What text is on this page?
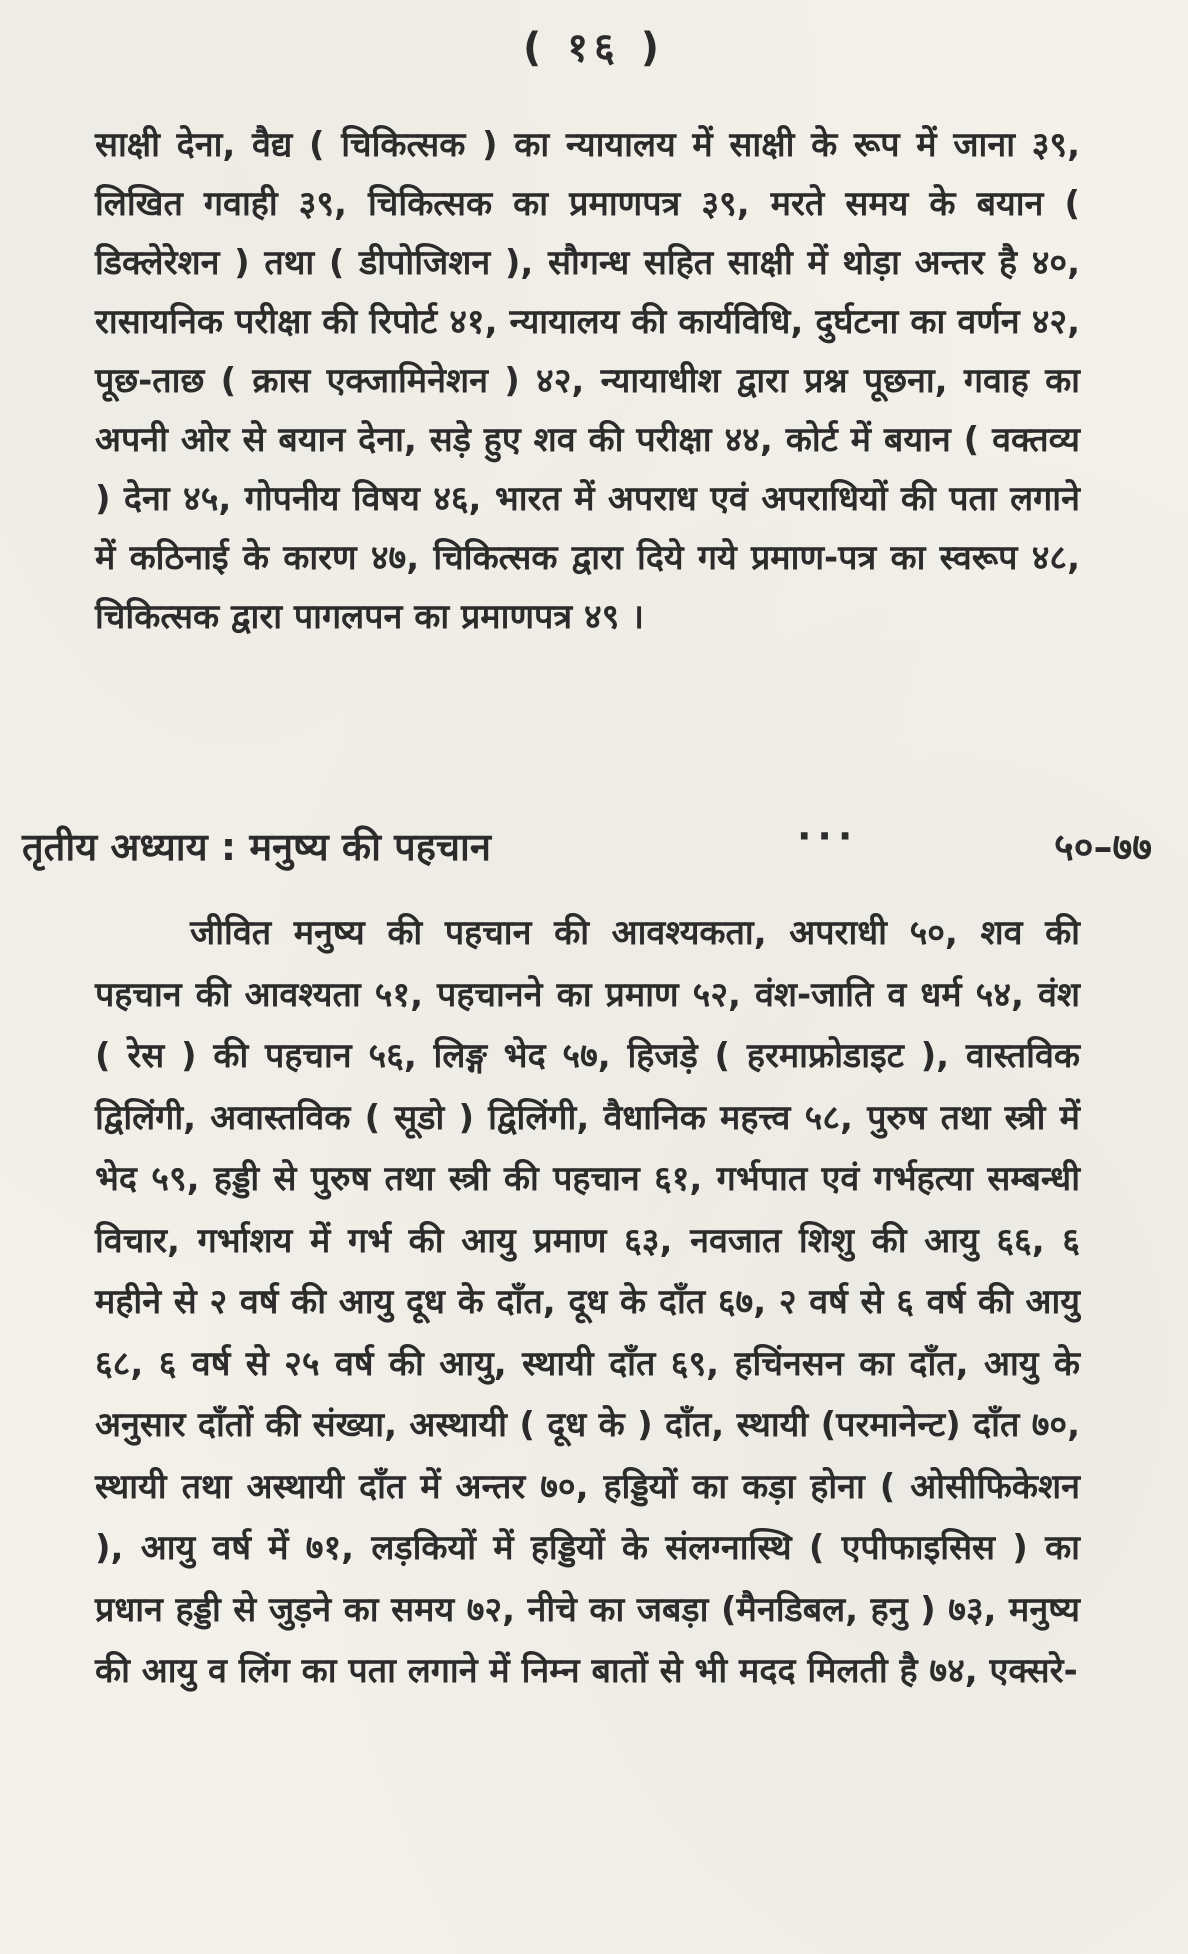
( १६ )
साक्षी देना, वैद्य ( चिकित्सक ) का न्यायालय में साक्षी के रूप में जाना ३९, लिखित गवाही ३९, चिकित्सक का प्रमाणपत्र ३९, मरते समय के बयान ( डिक्लेरेशन ) तथा ( डीपोजिशन ), सौगन्ध सहित साक्षी में थोड़ा अन्तर है ४०, रासायनिक परीक्षा की रिपोर्ट ४१, न्यायालय की कार्यविधि, दुर्घटना का वर्णन ४२, पूछ-ताछ ( क्रास एक्जामिनेशन ) ४२, न्यायाधीश द्वारा प्रश्न पूछना, गवाह का अपनी ओर से बयान देना, सड़े हुए शव की परीक्षा ४४, कोर्ट में बयान ( वक्तव्य ) देना ४५, गोपनीय विषय ४६, भारत में अपराध एवं अपराधियों की पता लगाने में कठिनाई के कारण ४७, चिकित्सक द्वारा दिये गये प्रमाण-पत्र का स्वरूप ४८, चिकित्सक द्वारा पागलपन का प्रमाणपत्र ४९ ।
तृतीय अध्याय : मनुष्य की पहचान	···	५०–७७
जीवित मनुष्य की पहचान की आवश्यकता, अपराधी ५०, शव की पहचान की आवश्यता ५१, पहचानने का प्रमाण ५२, वंश-जाति व धर्म ५४, वंश ( रेस ) की पहचान ५६, लिङ्ग भेद ५७, हिजड़े ( हरमाफ्रोडाइट ), वास्तविक द्विलिंगी, अवास्तविक ( सूडो ) द्विलिंगी, वैधानिक महत्त्व ५८, पुरुष तथा स्त्री में भेद ५९, हड्डी से पुरुष तथा स्त्री की पहचान ६१, गर्भपात एवं गर्भहत्या सम्बन्धी विचार, गर्भाशय में गर्भ की आयु प्रमाण ६३, नवजात शिशु की आयु ६६, ६ महीने से २ वर्ष की आयु दूध के दाँत, दूध के दाँत ६७, २ वर्ष से ६ वर्ष की आयु ६८, ६ वर्ष से २५ वर्ष की आयु, स्थायी दाँत ६९, हचिंनसन का दाँत, आयु के अनुसार दाँतों की संख्या, अस्थायी ( दूध के ) दाँत, स्थायी (परमानेन्ट) दाँत ७०, स्थायी तथा अस्थायी दाँत में अन्तर ७०, हड्डियों का कड़ा होना ( ओसीफिकेशन ), आयु वर्ष में ७१, लड़कियों में हड्डियों के संलग्नास्थि ( एपीफाइसिस ) का प्रधान हड्डी से जुड़ने का समय ७२, नीचे का जबड़ा (मैनडिबल, हनु ) ७३, मनुष्य की आयु व लिंग का पता लगाने में निम्न बातों से भी मदद मिलती है ७४, एक्सरे-
